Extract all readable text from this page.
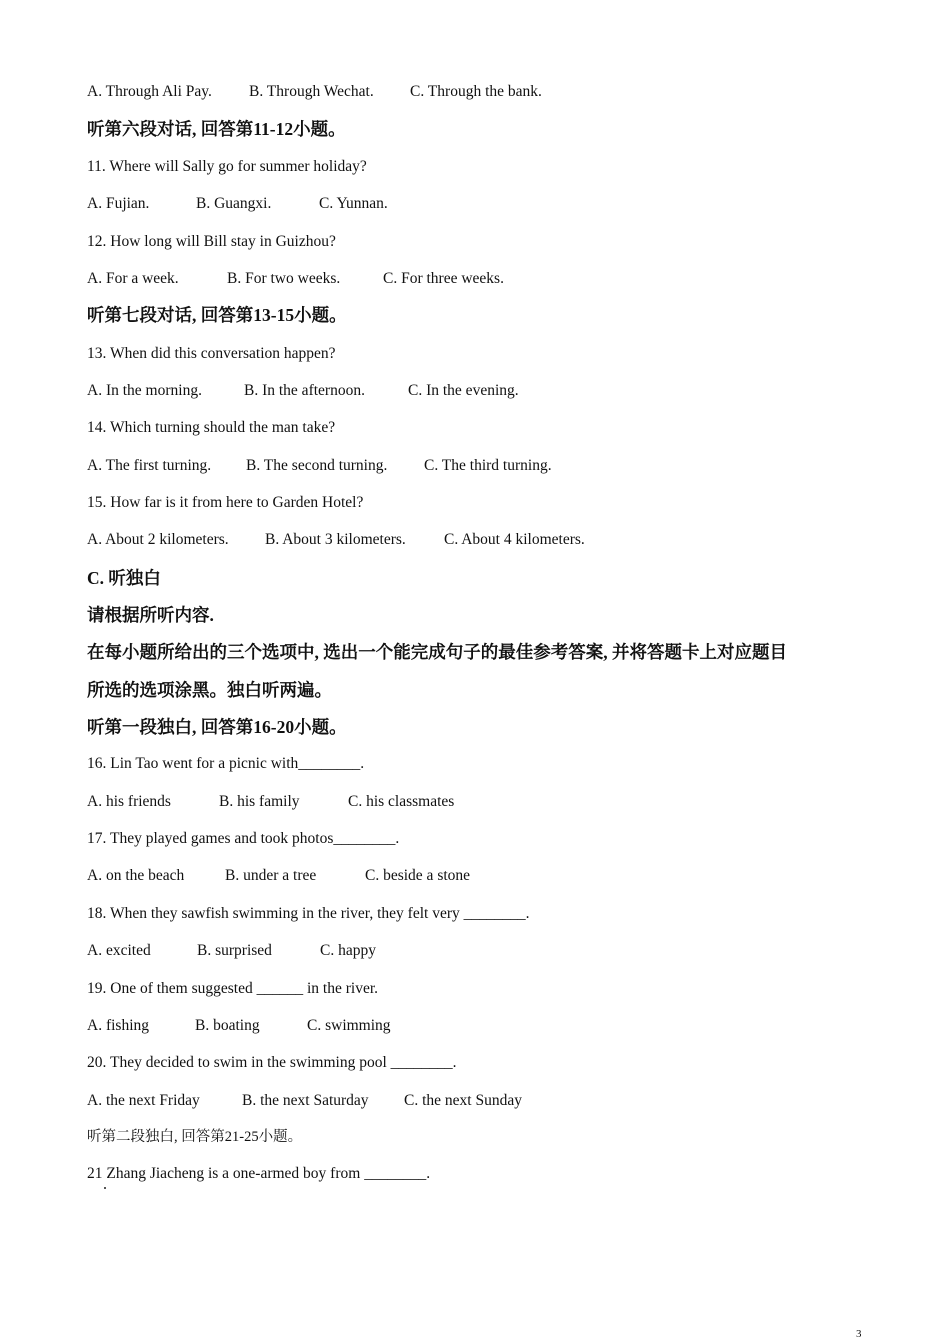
A. Through Ali Pay.	B. Through Wechat.	C. Through the bank.
听第六段对话, 回答第11-12小题。
11. Where will Sally go for summer holiday?
A. Fujian.	B. Guangxi.	C. Yunnan.
12. How long will Bill stay in Guizhou?
A. For a week.	B. For two weeks.	C. For three weeks.
听第七段对话, 回答第13-15小题。
13. When did this conversation happen?
A. In the morning.	B. In the afternoon.	C. In the evening.
14. Which turning should the man take?
A. The first turning.	B. The second turning.	C. The third turning.
15. How far is it from here to Garden Hotel?
A. About 2 kilometers.	B. About 3 kilometers.	C. About 4 kilometers.
C. 听独白
请根据所听内容.
在每小题所给出的三个选项中, 选出一个能完成句子的最佳参考答案, 并将答题卡上对应题目
所选的选项涂黑。独白听两遍。
听第一段独白, 回答第16-20小题。
16. Lin Tao went for a picnic with________.
A. his friends	B. his family	C. his classmates
17. They played games and took photos________.
A. on the beach	B. under a tree	C. beside a stone
18. When they sawfish swimming in the river, they felt very ________.
A. excited	B. surprised	C. happy
19. One of them suggested ______ in the river.
A. fishing	B. boating	C. swimming
20. They decided to swim in the swimming pool ________.
A. the next Friday	B. the next Saturday	C. the next Sunday
听第二段独白, 回答第21-25小题。
21 Zhang Jiacheng is a one-armed boy from ________.
3
